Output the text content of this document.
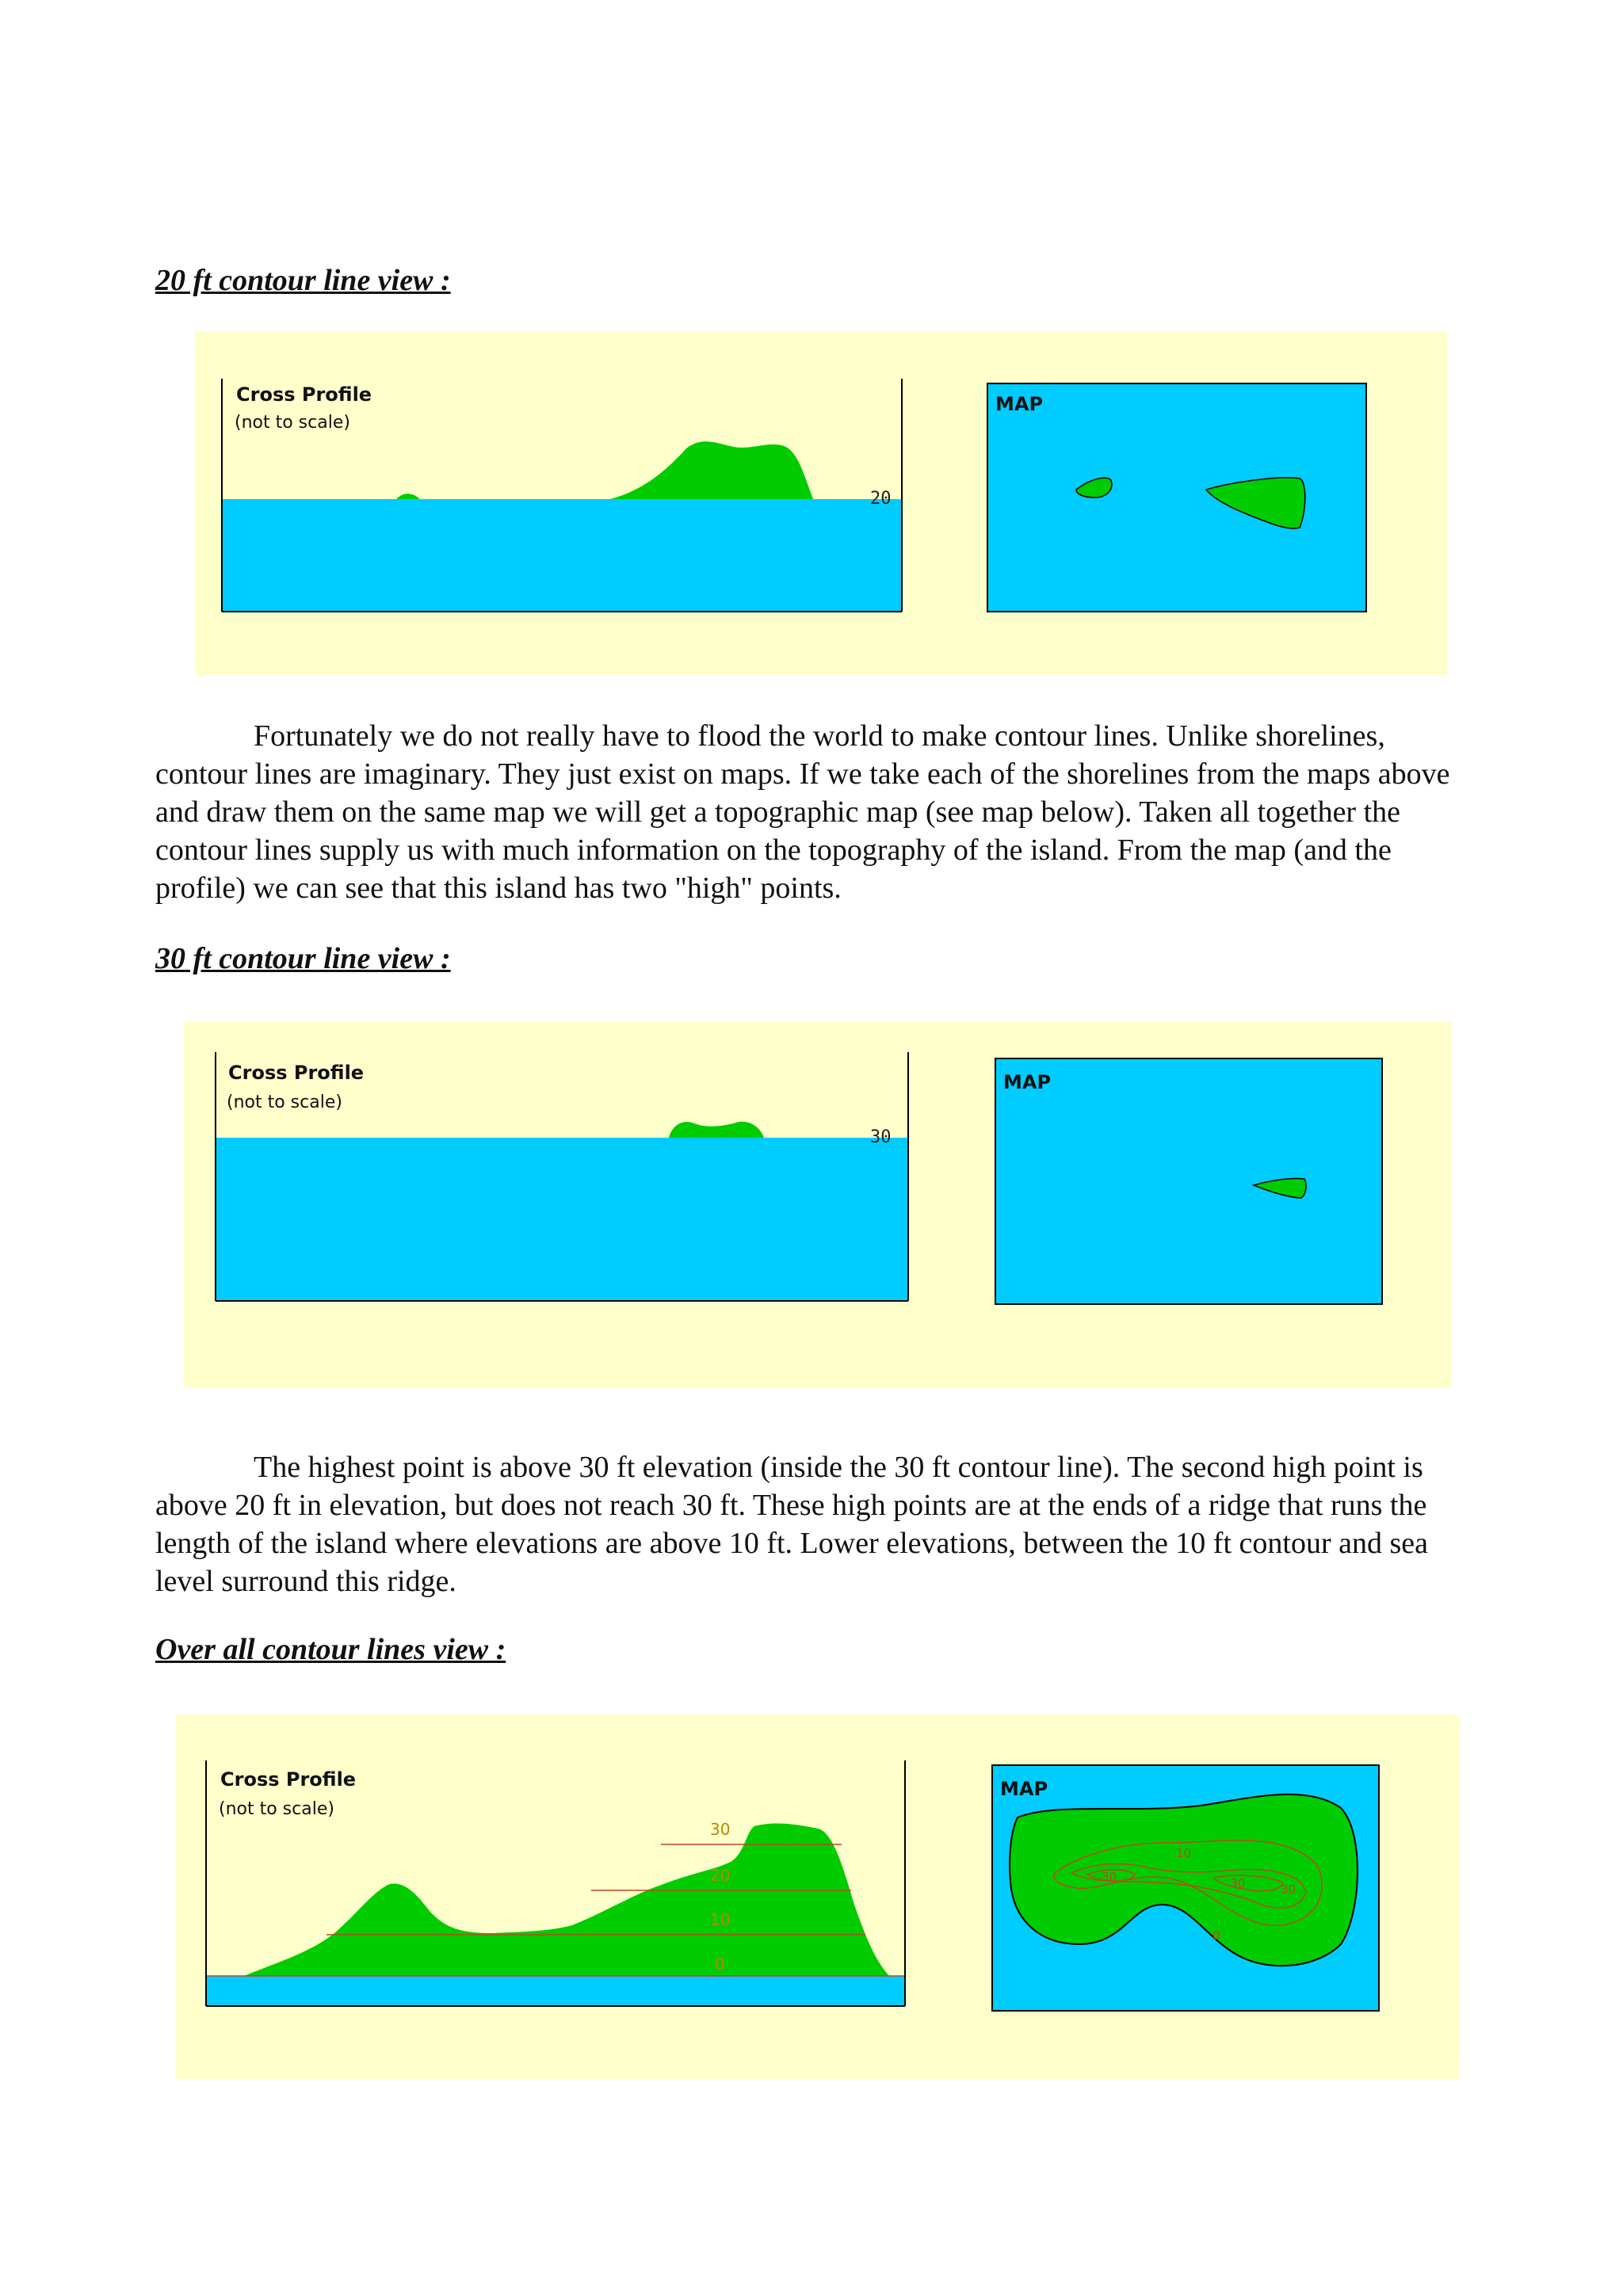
20 ft contour line view :
Cross Profile
(not to scale)
20
MAP

Fortunately we do not really have to flood the world to make contour lines. Unlike shorelines, contour lines are imaginary. They just exist on maps. If we take each of the shorelines from the maps above and draw them on the same map we will get a topographic map (see map below). Taken all together the contour lines supply us with much information on the topography of the island. From the map (and the profile) we can see that this island has two "high" points.

30 ft contour line view :
Cross Profile
(not to scale)
30
MAP

The highest point is above 30 ft elevation (inside the 30 ft contour line). The second high point is above 20 ft in elevation, but does not reach 30 ft. These high points are at the ends of a ridge that runs the length of the island where elevations are above 10 ft. Lower elevations, between the 10 ft contour and sea level surround this ridge.

Over all contour lines view :
Cross Profile
(not to scale)
30
20
10
0
MAP
30
10
30	30
0
